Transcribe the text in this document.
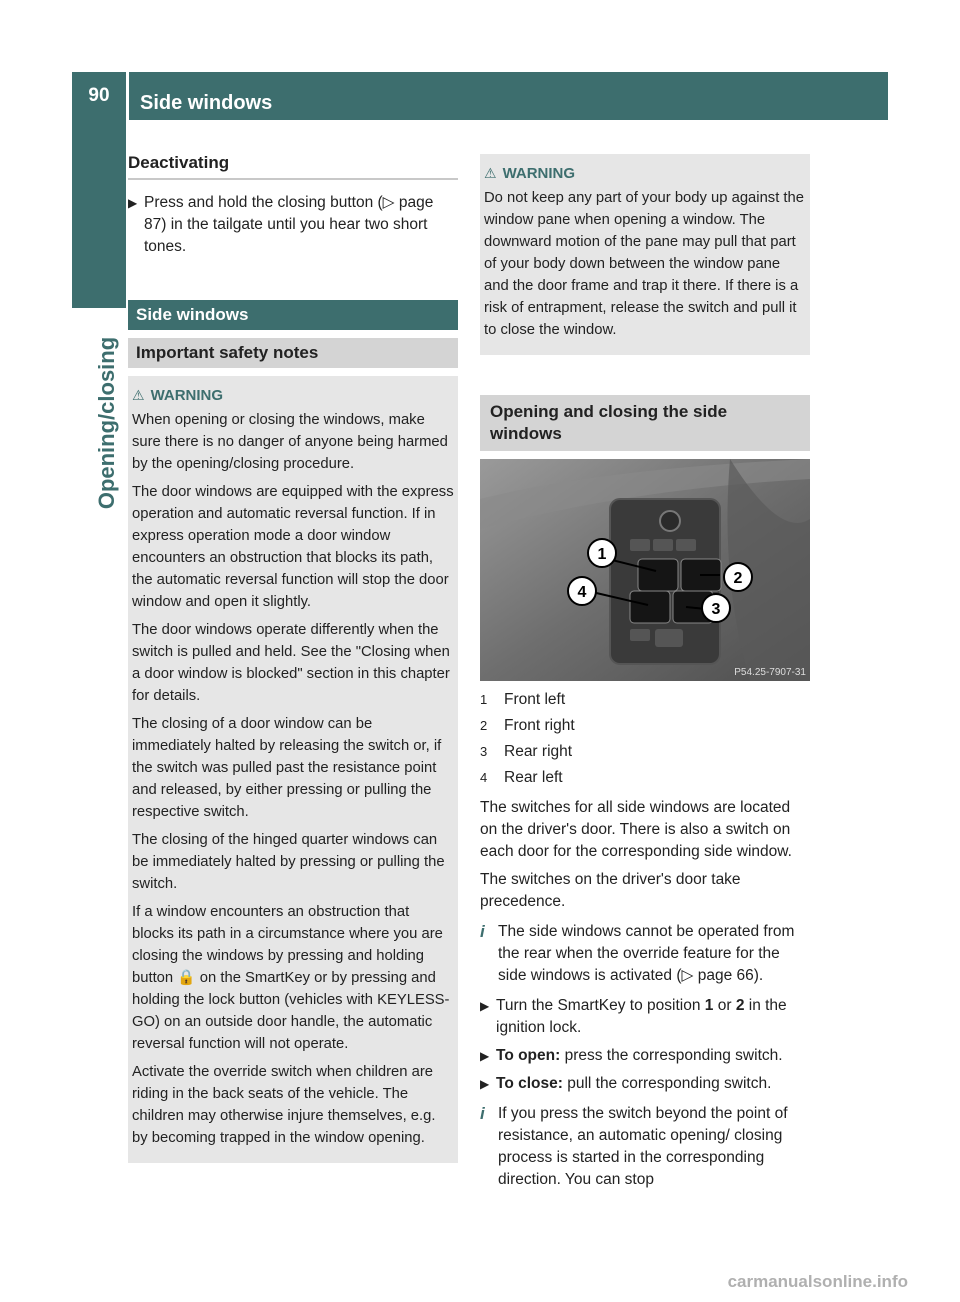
90	Side windows
Opening/closing
Deactivating
▶ Press and hold the closing button (▷ page 87) in the tailgate until you hear two short tones.
Side windows
Important safety notes
⚠ WARNING

When opening or closing the windows, make sure there is no danger of anyone being harmed by the opening/closing procedure.

The door windows are equipped with the express operation and automatic reversal function. If in express operation mode a door window encounters an obstruction that blocks its path, the automatic reversal function will stop the door window and open it slightly.

The door windows operate differently when the switch is pulled and held. See the "Closing when a door window is blocked" section in this chapter for details.

The closing of a door window can be immediately halted by releasing the switch or, if the switch was pulled past the resistance point and released, by either pressing or pulling the respective switch.

The closing of the hinged quarter windows can be immediately halted by pressing or pulling the switch.

If a window encounters an obstruction that blocks its path in a circumstance where you are closing the windows by pressing and holding button 🔒 on the SmartKey or by pressing and holding the lock button (vehicles with KEYLESS-GO) on an outside door handle, the automatic reversal function will not operate.

Activate the override switch when children are riding in the back seats of the vehicle. The children may otherwise injure themselves, e.g. by becoming trapped in the window opening.

⚠ WARNING

Do not keep any part of your body up against the window pane when opening a window. The downward motion of the pane may pull that part of your body down between the window pane and the door frame and trap it there. If there is a risk of entrapment, release the switch and pull it to close the window.

Opening and closing the side windows
1
2
3
4
P54.25-7907-31
1 Front left
2 Front right
3 Rear right
4 Rear left

The switches for all side windows are located on the driver's door. There is also a switch on each door for the corresponding side window.

The switches on the driver's door take precedence.

i The side windows cannot be operated from the rear when the override feature for the side windows is activated (▷ page 66).
▶ Turn the SmartKey to position 1 or 2 in the ignition lock.
▶ To open: press the corresponding switch.
▶ To close: pull the corresponding switch.
i If you press the switch beyond the point of resistance, an automatic opening/ closing process is started in the corresponding direction. You can stop
carmanualsonline.info
